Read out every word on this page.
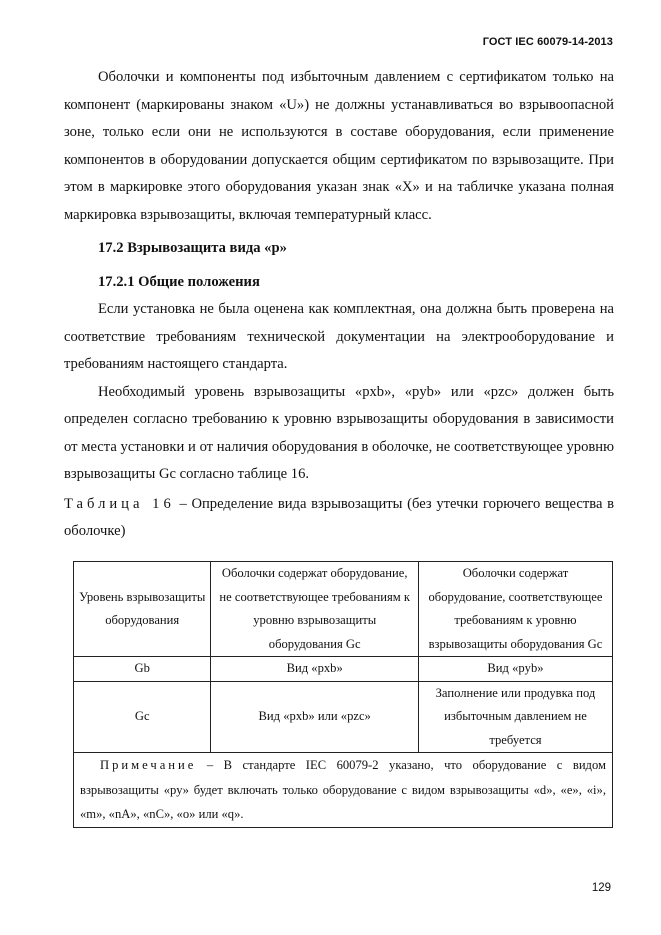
ГОСТ IEC 60079-14-2013

Оболочки и компоненты под избыточным давлением с сертификатом только на компонент (маркированы знаком «U») не должны устанавливаться во взрывоопасной зоне, только если они не используются в составе оборудования, если применение компонентов в оборудовании допускается общим сертификатом по взрывозащите. При этом в маркировке этого оборудования указан знак «X» и на табличке указана полная маркировка взрывозащиты, включая температурный класс.

17.2 Взрывозащита вида «p»

17.2.1 Общие положения

Если установка не была оценена как комплектная, она должна быть проверена на соответствие требованиям технической документации на электрооборудование и требованиям настоящего стандарта.

Необходимый уровень взрывозащиты «pxb», «pyb» или «pzc» должен быть определен согласно требованию к уровню взрывозащиты оборудования в зависимости от места установки и от наличия оборудования в оболочке, не соответствующее уровню взрывозащиты Gc согласно таблице 16.

Таблица 16 – Определение вида взрывозащиты (без утечки горючего вещества в оболочке)

Уровень взрывозащиты оборудования	Оболочки содержат оборудование, не соответствующее требованиям к уровню взрывозащиты оборудования Gc	Оболочки содержат оборудование, соответствующее требованиям к уровню взрывозащиты оборудования Gc
Gb	Вид «pxb»	Вид «pyb»
Gc	Вид «pxb» или «pzc»	Заполнение или продувка под избыточным давлением не требуется

Примечание – В стандарте IEC 60079-2 указано, что оборудование с видом взрывозащиты «py» будет включать только оборудование с видом взрывозащиты «d», «e», «i», «m», «nA», «nC», «o» или «q».		
129
